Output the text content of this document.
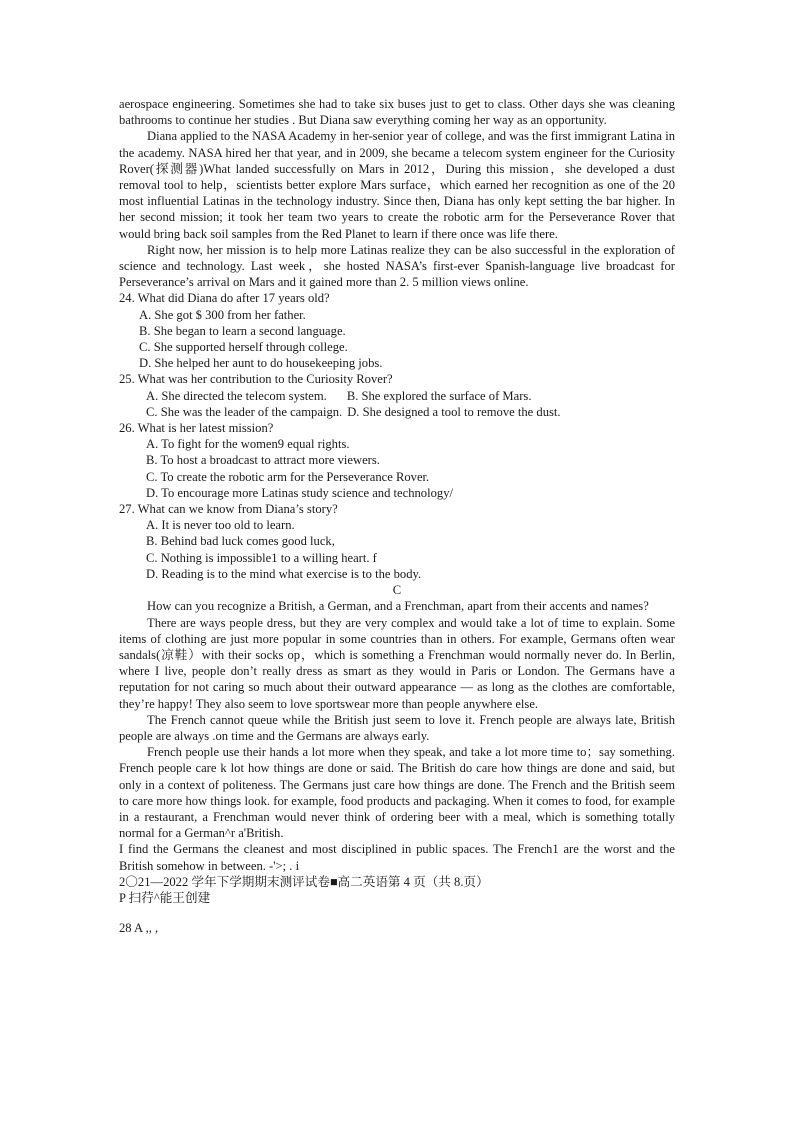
aerospace engineering. Sometimes she had to take six buses just to get to class. Other days she was cleaning bathrooms to continue her studies . But Diana saw everything coming her way as an opportunity.

Diana applied to the NASA Academy in her-senior year of college, and was the first immigrant Latina in the academy. NASA hired her that year, and in 2009, she became a telecom system engineer for the Curiosity Rover(探测器)What landed successfully on Mars in 2012，During this mission，she developed a dust removal tool to help，scientists better explore Mars surface，which earned her recognition as one of the 20 most influential Latinas in the technology industry. Since then, Diana has only kept setting the bar higher. In her second mission; it took her team two years to create the robotic arm for the Perseverance Rover that would bring back soil samples from the Red Planet to learn if there once was life there.

Right now, her mission is to help more Latinas realize they can be also successful in the exploration of science and technology. Last week，she hosted NASA’s first-ever Spanish-language live broadcast for Perseverance’s arrival on Mars and it gained more than 2. 5 million views online.

24. What did Diana do after 17 years old?

A. She got $ 300 from her father.

B. She began to learn a second language.

C. She supported herself through college.

D. She helped her aunt to do housekeeping jobs.

25. What was her contribution to the Curiosity Rover?

A. She directed the telecom system. B. She explored the surface of Mars.

C. She was the leader of the campaign. D. She designed a tool to remove the dust.

26. What is her latest mission?

A. To fight for the women9 equal rights.

B. To host a broadcast to attract more viewers.

C. To create the robotic arm for the Perseverance Rover.

D. To encourage more Latinas study science and technology/

27. What can we know from Diana’s story?

A. It is never too old to learn.

B. Behind bad luck comes good luck,

C. Nothing is impossible1 to a willing heart. f

D. Reading is to the mind what exercise is to the body.

C

How can you recognize a British, a German, and a Frenchman, apart from their accents and names?

There are ways people dress, but they are very complex and would take a lot of time to explain. Some items of clothing are just more popular in some countries than in others. For example, Germans often wear sandals(凉鞋）with their socks op，which is something a Frenchman would normally never do. In Berlin, where I live, people don’t really dress as smart as they would in Paris or London. The Germans have a reputation for not caring so much about their outward appearance — as long as the clothes are comfortable, they’re happy! They also seem to love sportswear more than people anywhere else.

The French cannot queue while the British just seem to love it. French people are always late, British people are always .on time and the Germans are always early.

French people use their hands a lot more when they speak, and take a lot more time to；say something. French people care k lot how things are done or said. The British do care how things are done and said, but only in a context of politeness. The Germans just care how things are done. The French and the British seem to care more how things look. for example, food products and packaging. When it comes to food, for example in a restaurant, a Frenchman would never think of ordering beer with a meal, which is something totally normal for a German^r a'British.

I find the Germans the cleanest and most disciplined in public spaces. The French1 are the worst and the British somehow in between. -'>; . i

2〇21—2022 学年下学期期末测评试卷■高二英语第 4 页（共 8.页）

P 扫荇^能王创建

28 A ,, ,
